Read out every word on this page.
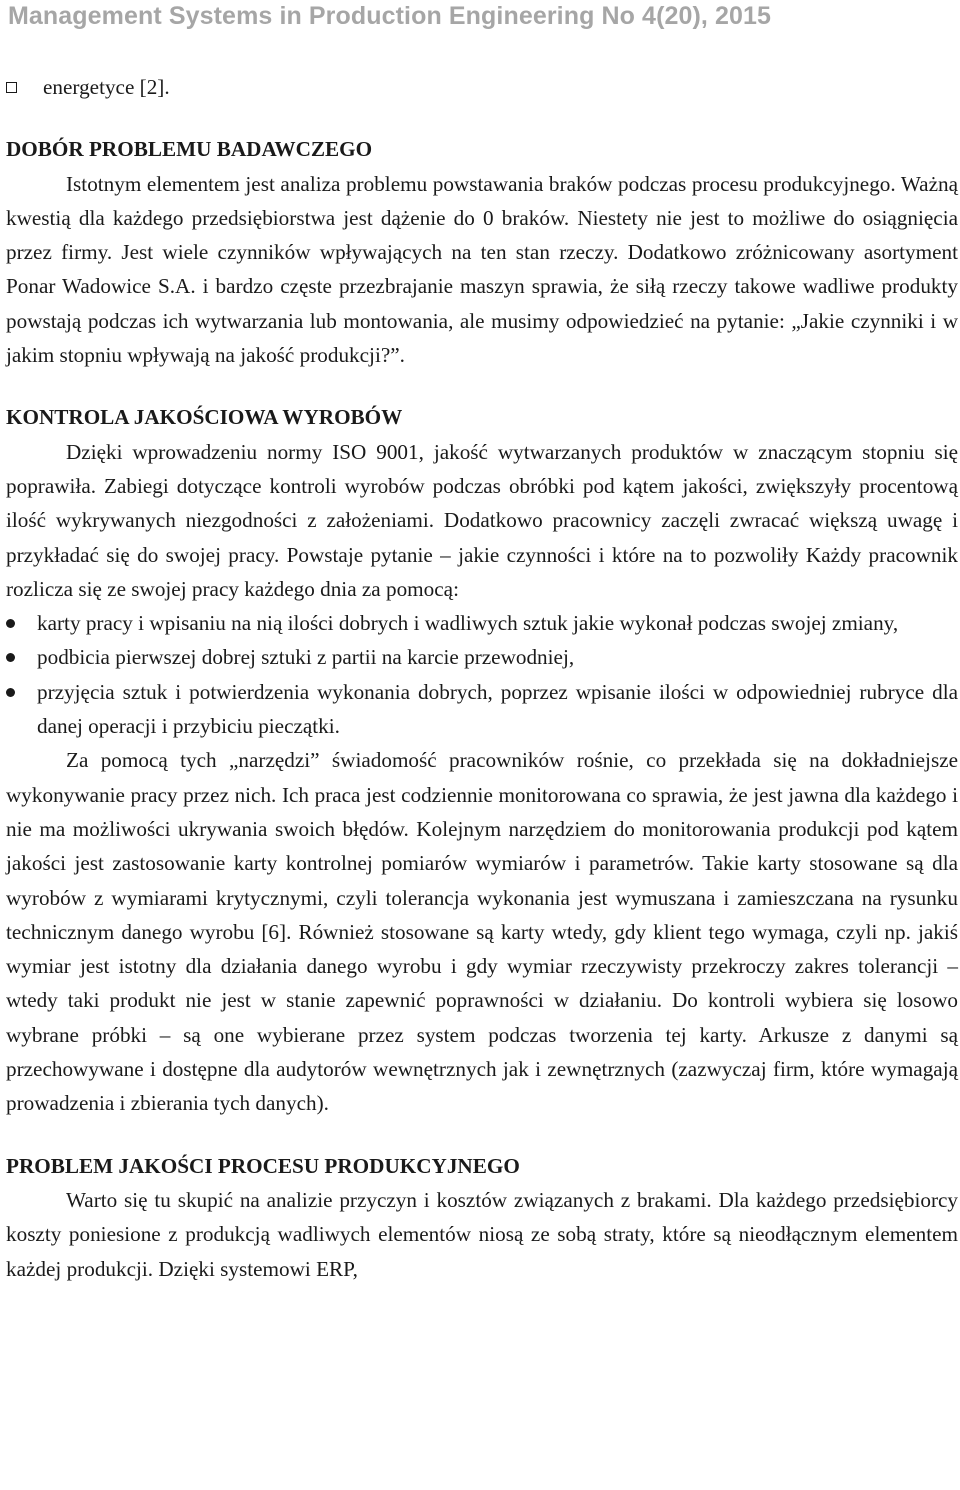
Management Systems in Production Engineering No 4(20), 2015
energetyce [2].
DOBÓR PROBLEMU BADAWCZEGO

Istotnym elementem jest analiza problemu powstawania braków podczas procesu produkcyjnego. Ważną kwestią dla każdego przedsiębiorstwa jest dążenie do 0 braków. Niestety nie jest to możliwe do osiągnięcia przez firmy. Jest wiele czynników wpływających na ten stan rzeczy. Dodatkowo zróżnicowany asortyment Ponar Wadowice S.A. i bardzo częste przezbrajanie maszyn sprawia, że siłą rzeczy takowe wadliwe produkty powstają podczas ich wytwarzania lub montowania, ale musimy odpowiedzieć na pytanie: „Jakie czynniki i w jakim stopniu wpływają na jakość produkcji?”.

KONTROLA JAKOŚCIOWA WYROBÓW

Dzięki wprowadzeniu normy ISO 9001, jakość wytwarzanych produktów w znaczącym stopniu się poprawiła. Zabiegi dotyczące kontroli wyrobów podczas obróbki pod kątem jakości, zwiększyły procentową ilość wykrywanych niezgodności z założeniami. Dodatkowo pracownicy zaczęli zwracać większą uwagę i przykładać się do swojej pracy. Powstaje pytanie – jakie czynności i które na to pozwoliły Każdy pracownik rozlicza się ze swojej pracy każdego dnia za pomocą:

karty pracy i wpisaniu na nią ilości dobrych i wadliwych sztuk jakie wykonał podczas swojej zmiany,
podbicia pierwszej dobrej sztuki z partii na karcie przewodniej,
przyjęcia sztuk i potwierdzenia wykonania dobrych, poprzez wpisanie ilości w odpowiedniej rubryce dla danej operacji i przybiciu pieczątki.

Za pomocą tych „narzędzi” świadomość pracowników rośnie, co przekłada się na dokładniejsze wykonywanie pracy przez nich. Ich praca jest codziennie monitorowana co sprawia, że jest jawna dla każdego i nie ma możliwości ukrywania swoich błędów. Kolejnym narzędziem do monitorowania produkcji pod kątem jakości jest zastosowanie karty kontrolnej pomiarów wymiarów i parametrów. Takie karty stosowane są dla wyrobów z wymiarami krytycznymi, czyli tolerancja wykonania jest wymuszana i zamieszczana na rysunku technicznym danego wyrobu [6]. Również stosowane są karty wtedy, gdy klient tego wymaga, czyli np. jakiś wymiar jest istotny dla działania danego wyrobu i gdy wymiar rzeczywisty przekroczy zakres tolerancji – wtedy taki produkt nie jest w stanie zapewnić poprawności w działaniu. Do kontroli wybiera się losowo wybrane próbki – są one wybierane przez system podczas tworzenia tej karty. Arkusze z danymi są przechowywane i dostępne dla audytorów wewnętrznych jak i zewnętrznych (zazwyczaj firm, które wymagają prowadzenia i zbierania tych danych).

PROBLEM JAKOŚCI PROCESU PRODUKCYJNEGO

Warto się tu skupić na analizie przyczyn i kosztów związanych z brakami. Dla każdego przedsiębiorcy koszty poniesione z produkcją wadliwych elementów niosą ze sobą straty, które są nieodłącznym elementem każdej produkcji. Dzięki systemowi ERP,
